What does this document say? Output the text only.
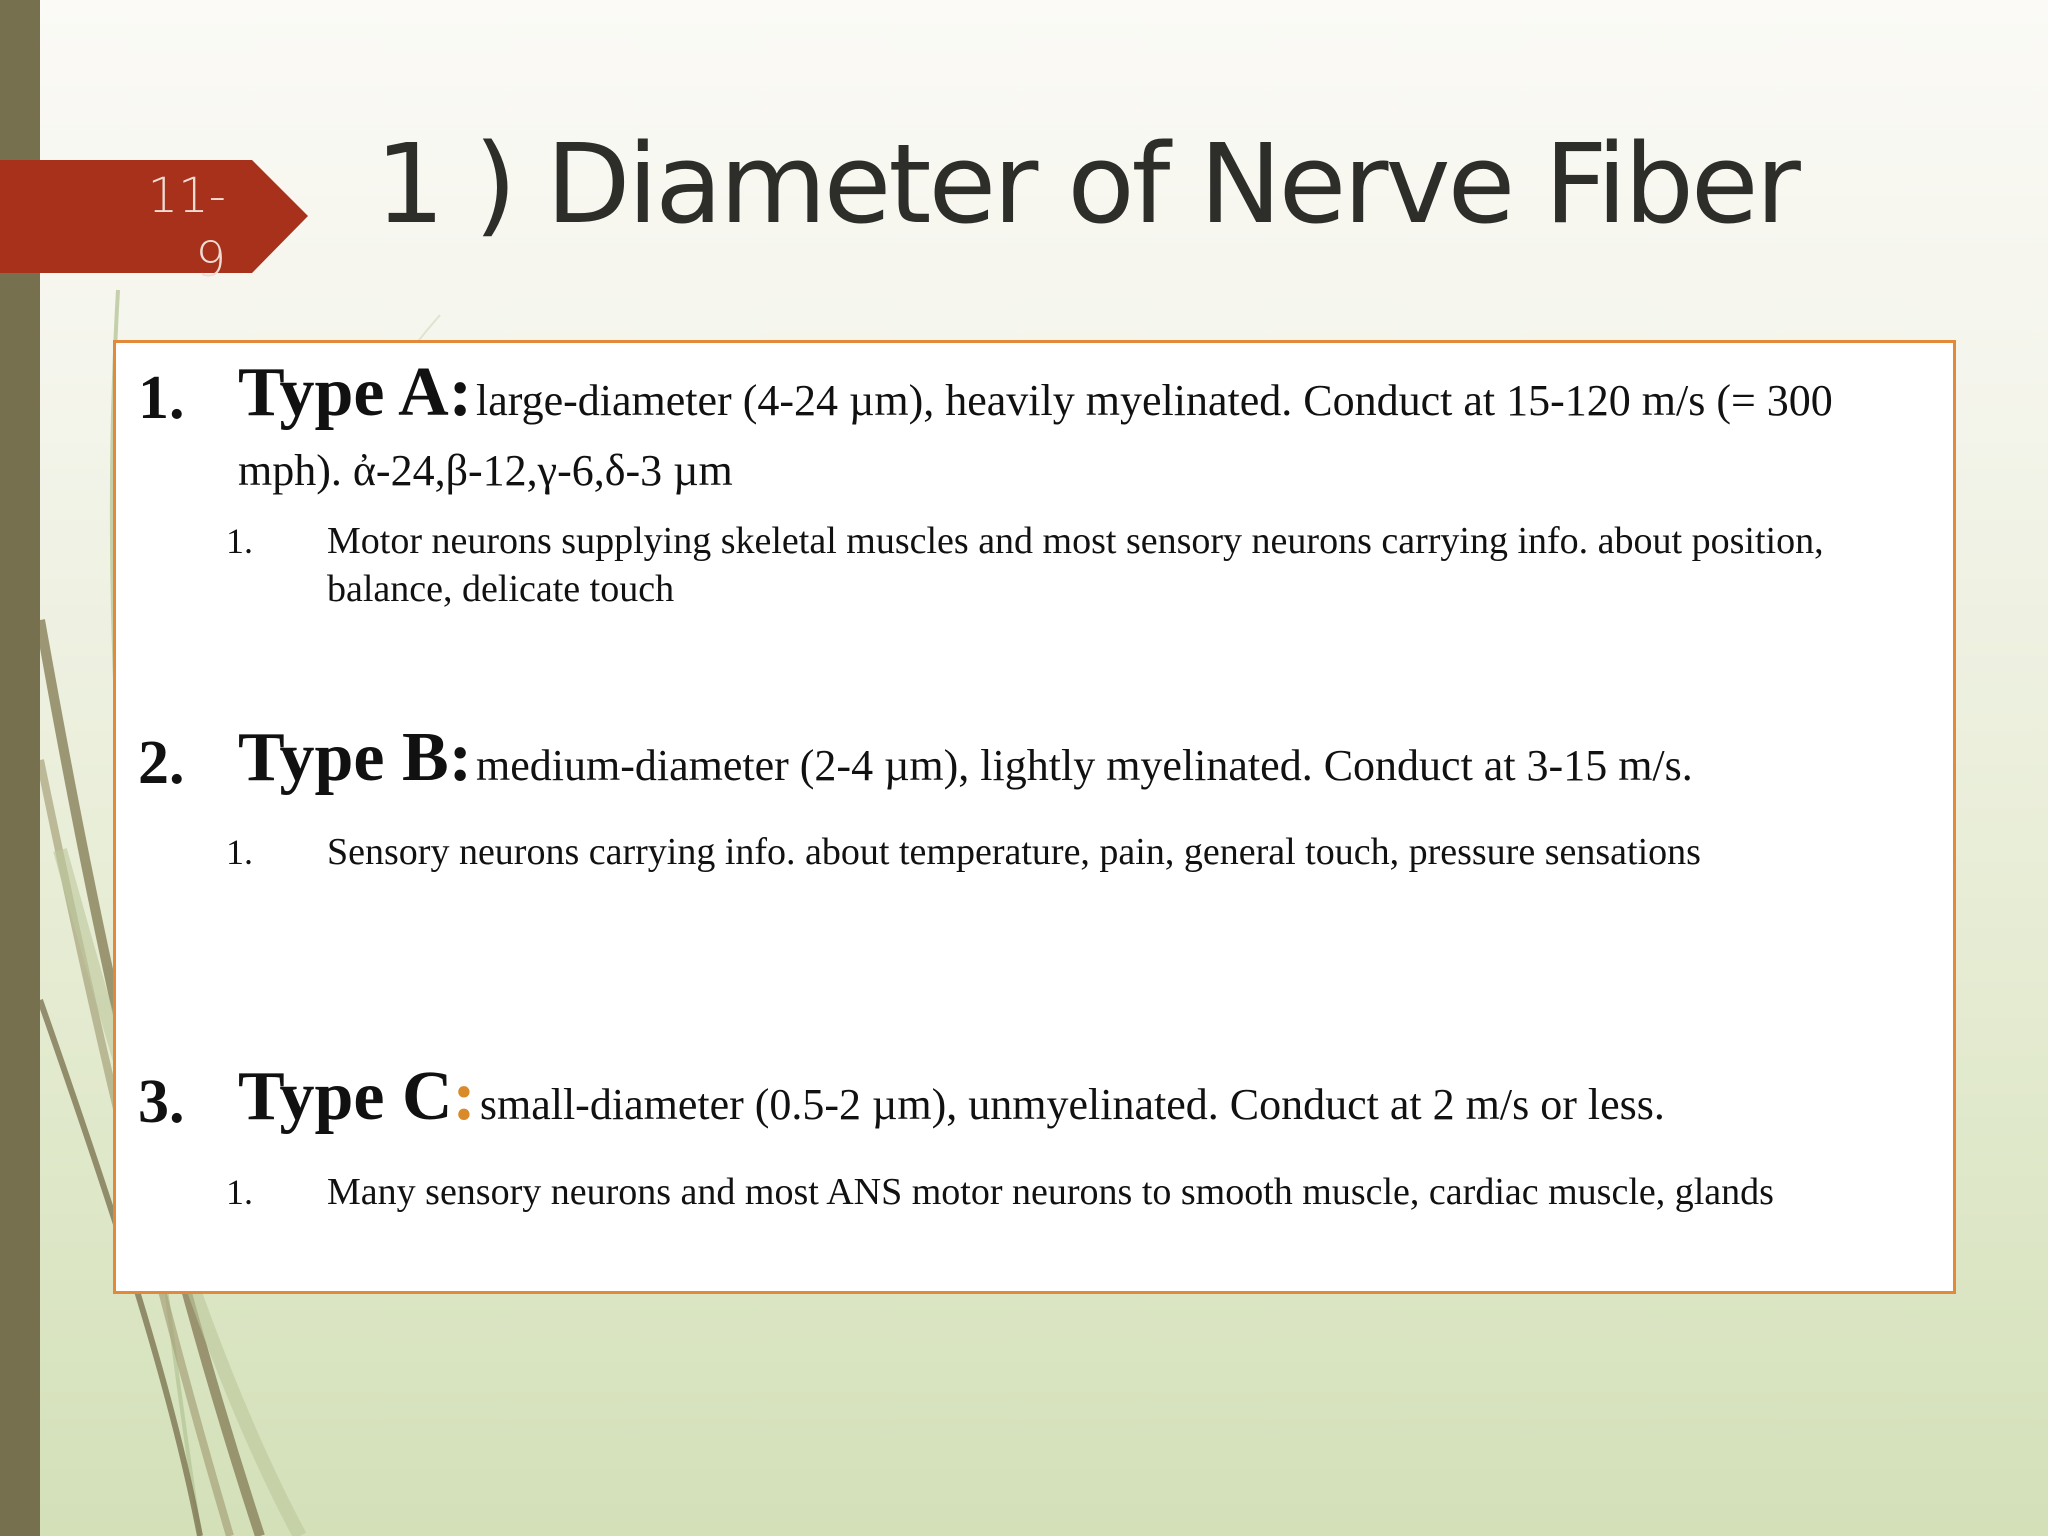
11-9
1 ) Diameter of Nerve Fiber
1. Type A: large-diameter (4-24 µm), heavily myelinated. Conduct at 15-120 m/s (= 300 mph). ἀ-24,β-12,γ-6,δ-3 µm
1. Motor neurons supplying skeletal muscles and most sensory neurons carrying info. about position, balance, delicate touch
2. Type B: medium-diameter (2-4 µm), lightly myelinated. Conduct at 3-15 m/s.
1. Sensory neurons carrying info. about temperature, pain, general touch, pressure sensations
3. Type C: small-diameter (0.5-2 µm), unmyelinated. Conduct at 2 m/s or less.
1. Many sensory neurons and most ANS motor neurons to smooth muscle, cardiac muscle, glands
